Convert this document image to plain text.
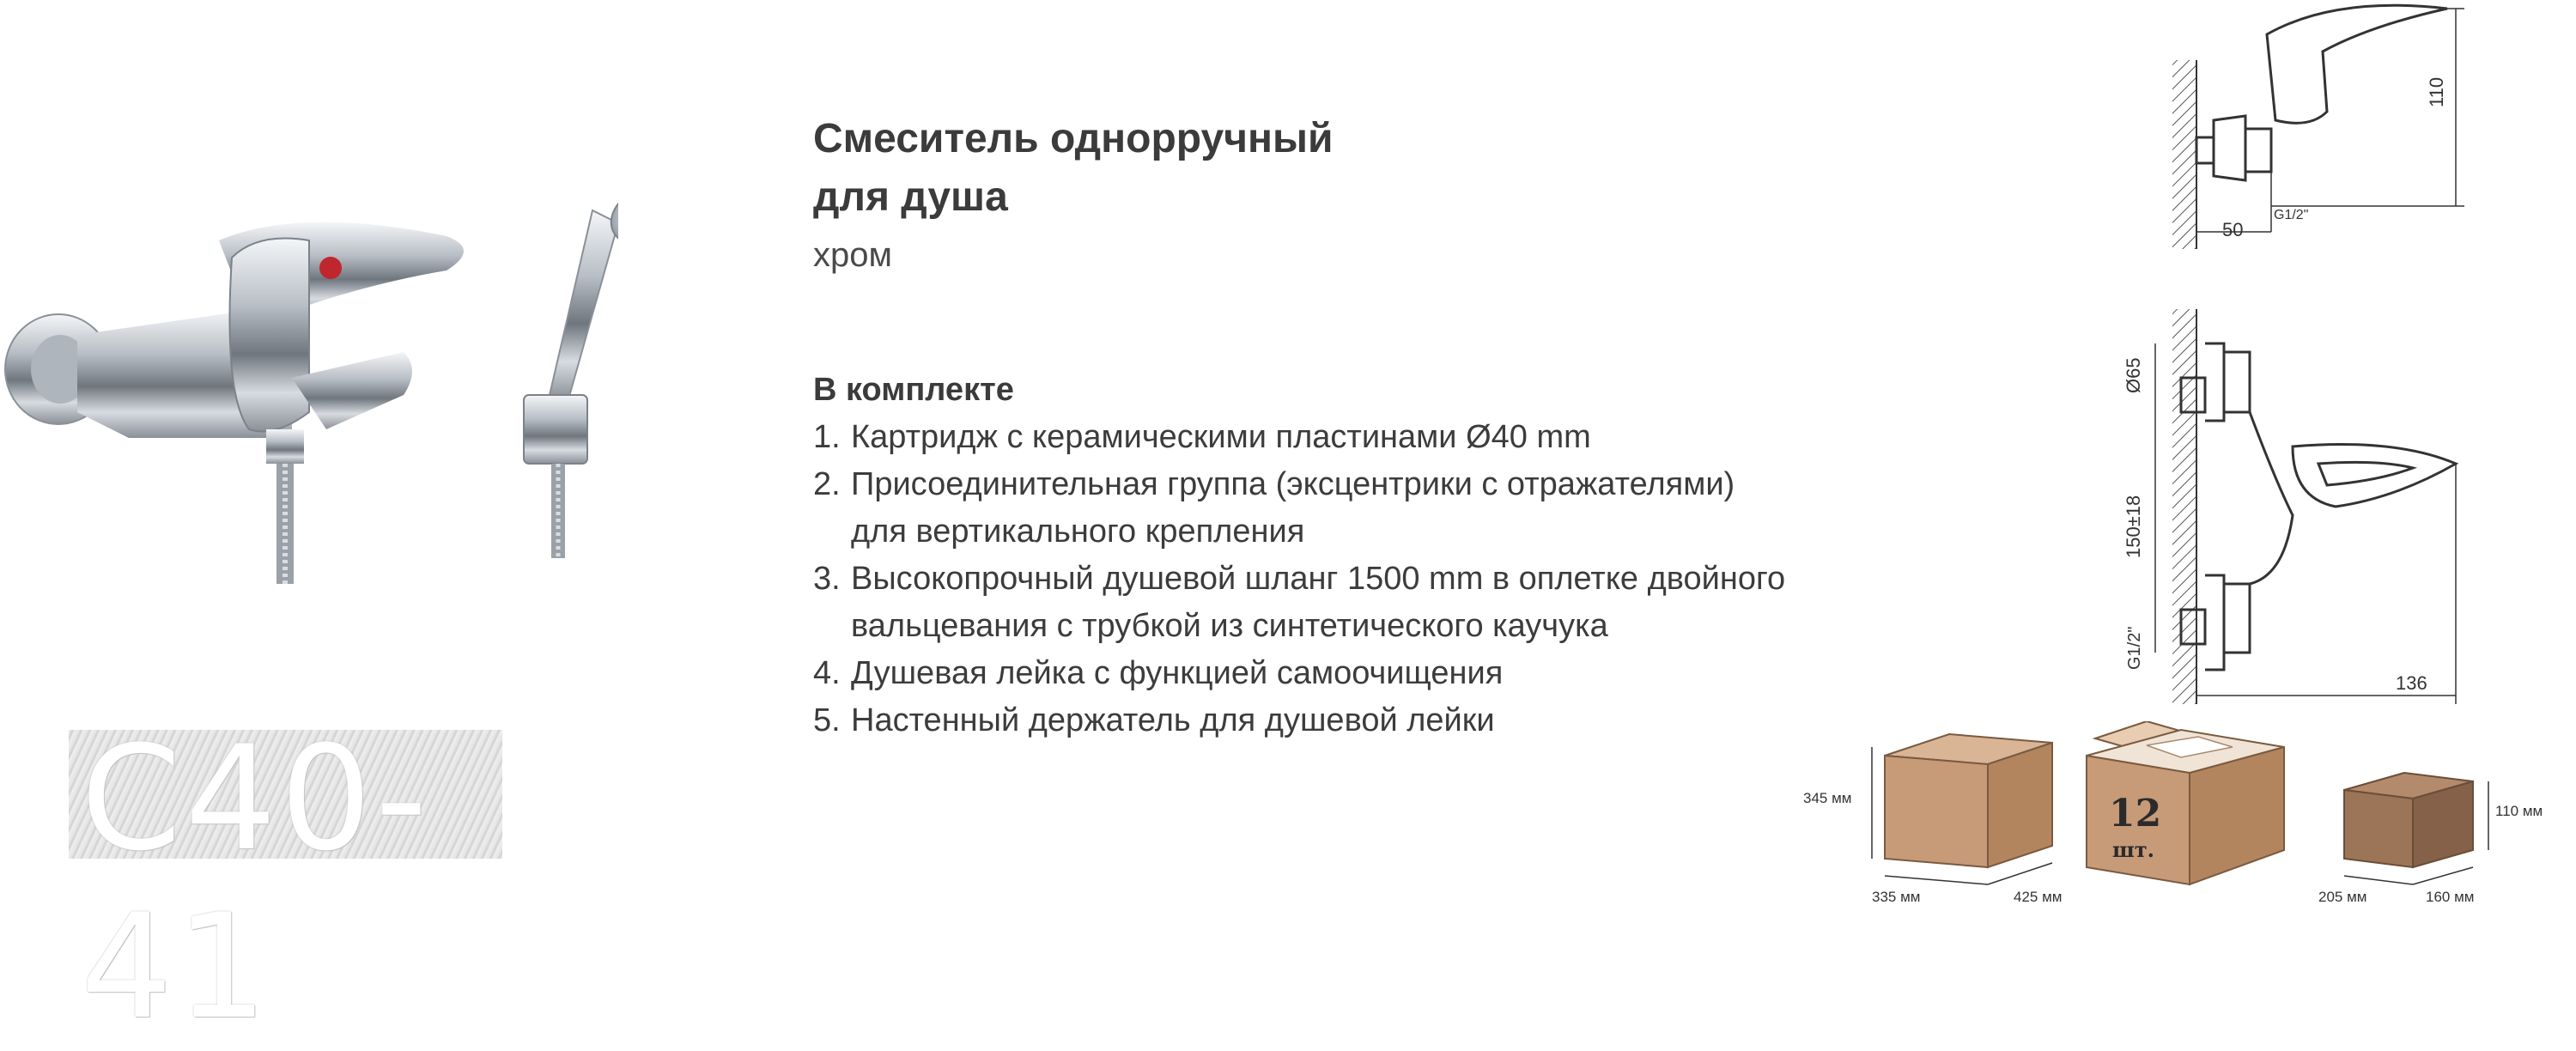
C40-41
Смеситель однорручный
для душа
хром
В комплекте
1. Картридж с керамическими пластинами Ø40 mm
2. Присоединительная группа (эксцентрики с отражателями)
для вертикального крепления
3. Высокопрочный душевой шланг 1500 mm в оплетке двойного
вальцевания с трубкой из синтетического каучука
4. Душевая лейка с функцией самоочищения
5. Настенный держатель для душевой лейки
110
50
G1/2"
Ø65
150±18
G1/2"
136
345 мм
335 мм	425 мм
12
шт.
110 мм
205 мм	160 мм
